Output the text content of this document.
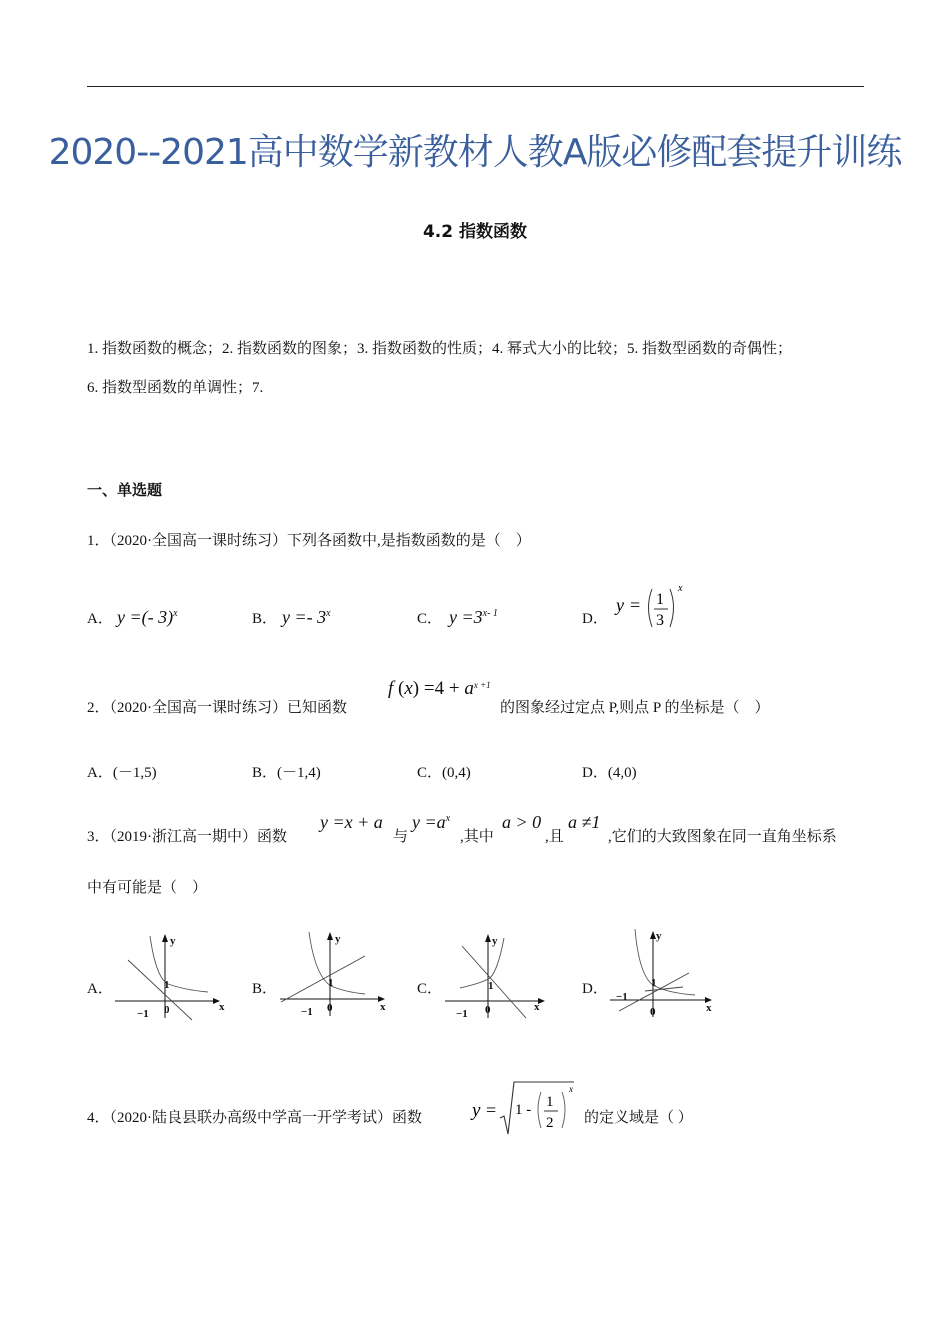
2020--2021高中数学新教材人教A版必修配套提升训练
4.2 指数函数
1. 指数函数的概念；2. 指数函数的图象；3. 指数函数的性质；4. 幂式大小的比较；5. 指数型函数的奇偶性；
6. 指数型函数的单调性；7.
一、单选题
1．（2020·全国高一课时练习）下列各函数中,是指数函数的是（　）
A． y =(- 3)$^x$	B． y =- 3$^x$	C． $y =3^{x- 1}$	D．
y = 1
3
x
2．（2020·全国高一课时练习）已知函数
f $(x) =4 + a^{x +1}$
的图象经过定点 P,则点 P 的坐标是（　）
A．(－1,5)	B．(－1,4)	C．(0,4)	D．(4,0)
3．（2019·浙江高一期中）函数
y =x + a
与
$y =a^x$
,其中
a > 0
,且
a ≠1
,它们的大致图象在同一直角坐标系
中有可能是（　）
A．
y
x
0
−1
1	B．
y
x
0
−1
1	C．
y
x
0
−1
1	D．
y
x
0
−1
1
4．（2020·陆良县联办高级中学高一开学考试）函数	y = 1 - 1
2
x
的定义域是（ ）
